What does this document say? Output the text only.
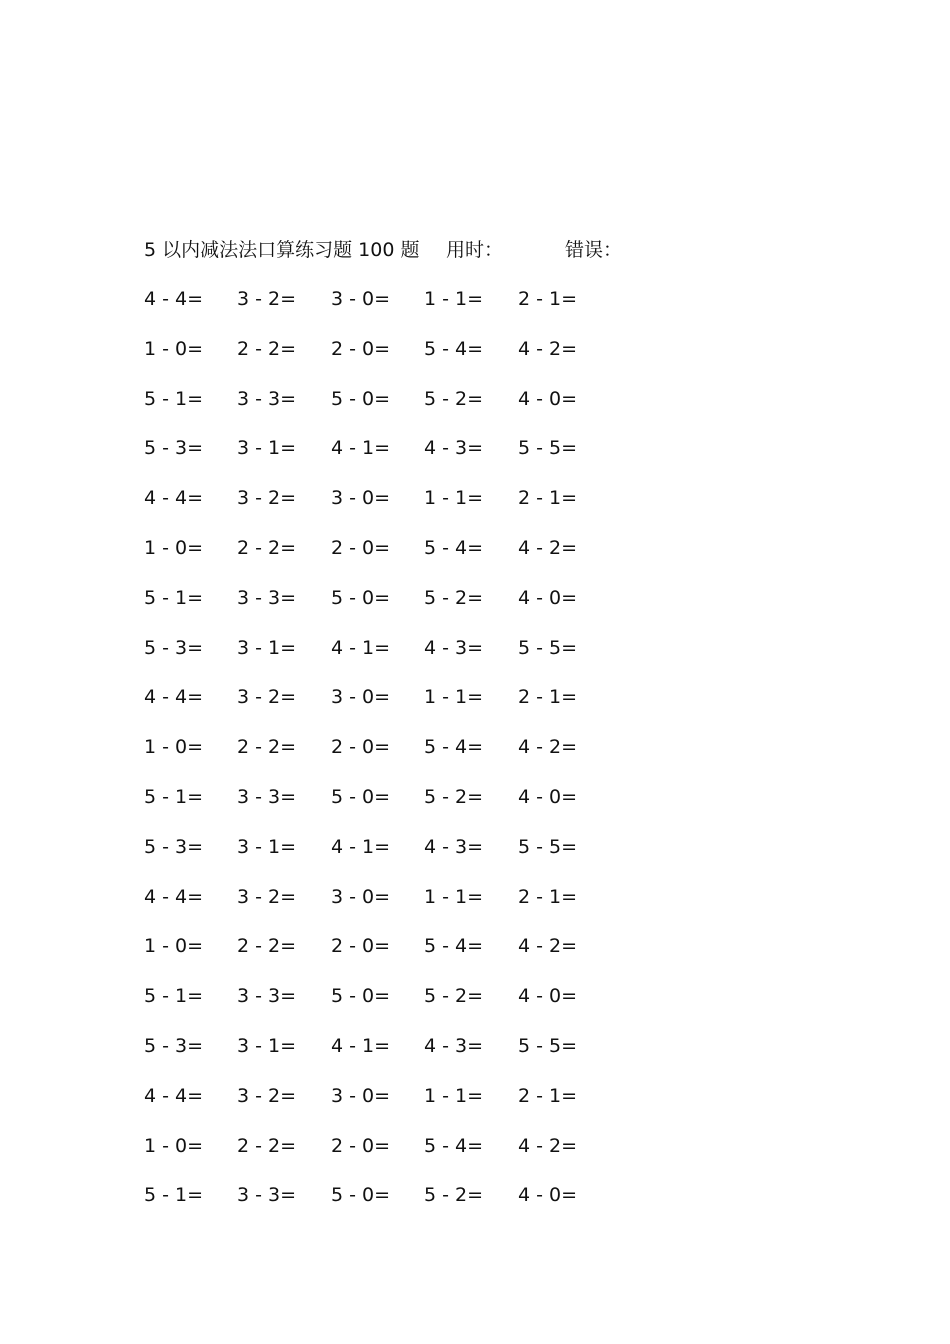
5 以内减法法口算练习题 100 题 用时：	错误：
4 - 4= 3 - 2= 3 - 0= 1 - 1= 2 - 1=
1 - 0= 2 - 2= 2 - 0= 5 - 4= 4 - 2=
5 - 1= 3 - 3= 5 - 0= 5 - 2= 4 - 0=
5 - 3= 3 - 1= 4 - 1= 4 - 3= 5 - 5=
4 - 4= 3 - 2= 3 - 0= 1 - 1= 2 - 1=
1 - 0= 2 - 2= 2 - 0= 5 - 4= 4 - 2=
5 - 1= 3 - 3= 5 - 0= 5 - 2= 4 - 0=
5 - 3= 3 - 1= 4 - 1= 4 - 3= 5 - 5=
4 - 4= 3 - 2= 3 - 0= 1 - 1= 2 - 1=
1 - 0= 2 - 2= 2 - 0= 5 - 4= 4 - 2=
5 - 1= 3 - 3= 5 - 0= 5 - 2= 4 - 0=
5 - 3= 3 - 1= 4 - 1= 4 - 3= 5 - 5=
4 - 4= 3 - 2= 3 - 0= 1 - 1= 2 - 1=
1 - 0= 2 - 2= 2 - 0= 5 - 4= 4 - 2=
5 - 1= 3 - 3= 5 - 0= 5 - 2= 4 - 0=
5 - 3= 3 - 1= 4 - 1= 4 - 3= 5 - 5=
4 - 4= 3 - 2= 3 - 0= 1 - 1= 2 - 1=
1 - 0= 2 - 2= 2 - 0= 5 - 4= 4 - 2=
5 - 1= 3 - 3= 5 - 0= 5 - 2= 4 - 0=
